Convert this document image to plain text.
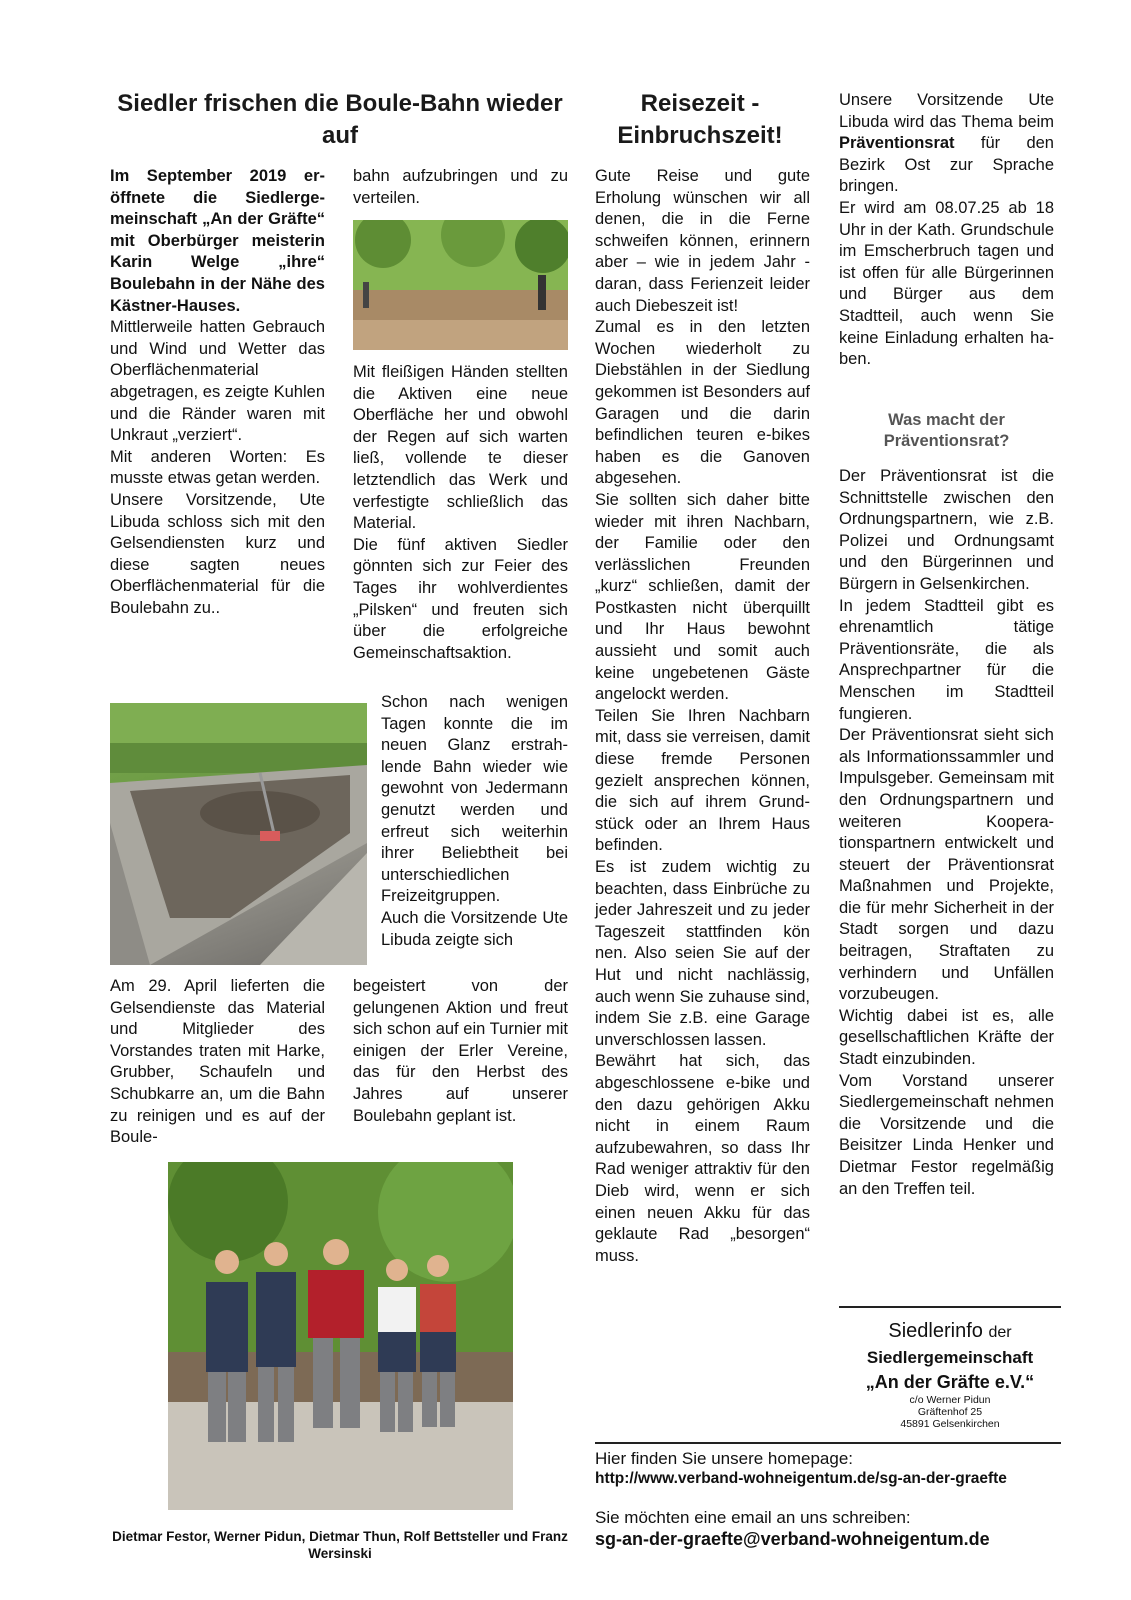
Siedler frischen die Boule-Bahn wieder auf

Im September 2019 eröffnete die Siedlergemeinschaft „An der Gräfte“ mit Oberbürger meisterin Karin Welge „ihre“ Boulebahn in der Nähe des Kästner-Hauses.

Mittlerweile hatten Gebrauch und Wind und Wetter das Oberflächenmaterial abgetragen, es zeigte Kuhlen und die Ränder waren mit Unkraut „verziert“.

Mit anderen Worten: Es musste etwas getan werden.

Unsere Vorsitzende, Ute Libuda schloss sich mit den Gelsendiensten kurz und diese sagten neues Oberflächenmaterial für die Boulebahn zu..

Am 29. April lieferten die Gelsendienste das Material und Mitglieder des Vorstandes traten mit Harke, Grubber, Schaufeln und Schubkarre an, um die Bahn zu reinigen und es auf der Boule-

bahn aufzubringen und zu verteilen.

Mit fleißigen Händen stellten die Aktiven eine neue Oberfläche her und obwohl der Regen auf sich warten ließ, vollende te dieser letztendlich das Werk und verfestigte schließlich das Material.

Die fünf aktiven Siedler gönnten sich zur Feier des Tages ihr wohlverdientes „Pilsken“ und freuten sich über die erfolgreiche Gemeinschaftsaktion.

Schon nach wenigen Tagen konnte die im neuen Glanz erstrahlende Bahn wieder wie gewohnt von Jedermann genutzt werden und erfreut sich weiterhin ihrer Beliebtheit bei unterschiedlichen Freizeitgruppen.

Auch die Vorsitzende Ute Libuda zeigte sich

begeistert von der gelungenen Aktion und freut sich schon auf ein Turnier mit einigen der Erler Vereine, das für den Herbst des Jahres auf unserer Boulebahn geplant ist.

Dietmar Festor, Werner Pidun, Dietmar Thun, Rolf Bettsteller und Franz Wersinski
Reisezeit - Einbruchszeit!

Gute Reise und gute Erholung wünschen wir all denen, die in die Ferne schweifen können, erinnern aber – wie in jedem Jahr - daran, dass Ferienzeit leider auch Diebeszeit ist!

Zumal es in den letzten Wochen wiederholt zu Diebstählen in der Siedlung gekommen ist Besonders auf Garagen und die darin befindlichen teuren e-bikes haben es die Ganoven abgesehen.

Sie sollten sich daher bitte wieder mit ihren Nachbarn, der Familie oder den verlässlichen Freunden „kurz“ schließen, damit der Postkasten nicht überquillt und Ihr Haus bewohnt aussieht und somit auch keine ungebetenen Gäste angelockt werden.

Teilen Sie Ihren Nachbarn mit, dass sie verreisen, damit diese fremde Personen gezielt ansprechen können, die sich auf ihrem Grundstück oder an Ihrem Haus befinden.

Es ist zudem wichtig zu beachten, dass Einbrüche zu jeder Jahreszeit und zu jeder Tageszeit stattfinden kön nen. Also seien Sie auf der Hut und nicht nachlässig, auch wenn Sie zuhause sind, indem Sie z.B. eine Garage unverschlossen lassen.

Bewährt hat sich, das abgeschlossene e-bike und den dazu gehörigen Akku nicht in einem Raum aufzubewahren, so dass Ihr Rad weniger attraktiv für den Dieb wird, wenn er sich einen neuen Akku für das geklaute Rad „besorgen“ muss.

Unsere Vorsitzende Ute Libuda wird das Thema beim Präventionsrat für den Bezirk Ost zur Sprache bringen.

Er wird am 08.07.25 ab 18 Uhr in der Kath. Grundschule im Emscherbruch tagen und ist offen für alle Bürgerinnen und Bürger aus dem Stadtteil, auch wenn Sie keine Einladung erhalten haben.

Was macht der Präventionsrat?

Der Präventionsrat ist die Schnittstelle zwischen den Ordnungspartnern, wie z.B. Polizei und Ordnungsamt und den Bürgerinnen und Bürgern in Gelsenkirchen.

In jedem Stadtteil gibt es ehrenamtlich tätige Präventionsräte, die als Ansprechpartner für die Menschen im Stadtteil fungieren.

Der Präventionsrat sieht sich als Informationssammler und Impulsgeber. Gemeinsam mit den Ordnungspartnern und weiteren Kooperationspartnern entwickelt und steuert der Präventionsrat Maßnahmen und Projekte, die für mehr Sicherheit in der Stadt sorgen und dazu beitragen, Straftaten zu verhindern und Unfällen vorzubeugen.

Wichtig dabei ist es, alle gesellschaftlichen Kräfte der Stadt einzubinden.

Vom Vorstand unserer Siedlergemeinschaft nehmen die Vorsitzende und die Beisitzer Linda Henker und Dietmar Festor regelmäßig an den Treffen teil.

Siedlerinfo der
Siedlergemeinschaft
„An der Gräfte e.V.“
c/o Werner Pidun
Gräftenhof 25
45891 Gelsenkirchen
Hier finden Sie unsere homepage:
http://www.verband-wohneigentum.de/sg-an-der-graefte
Sie möchten eine email an uns schreiben:
sg-an-der-graefte@verband-wohneigentum.de
